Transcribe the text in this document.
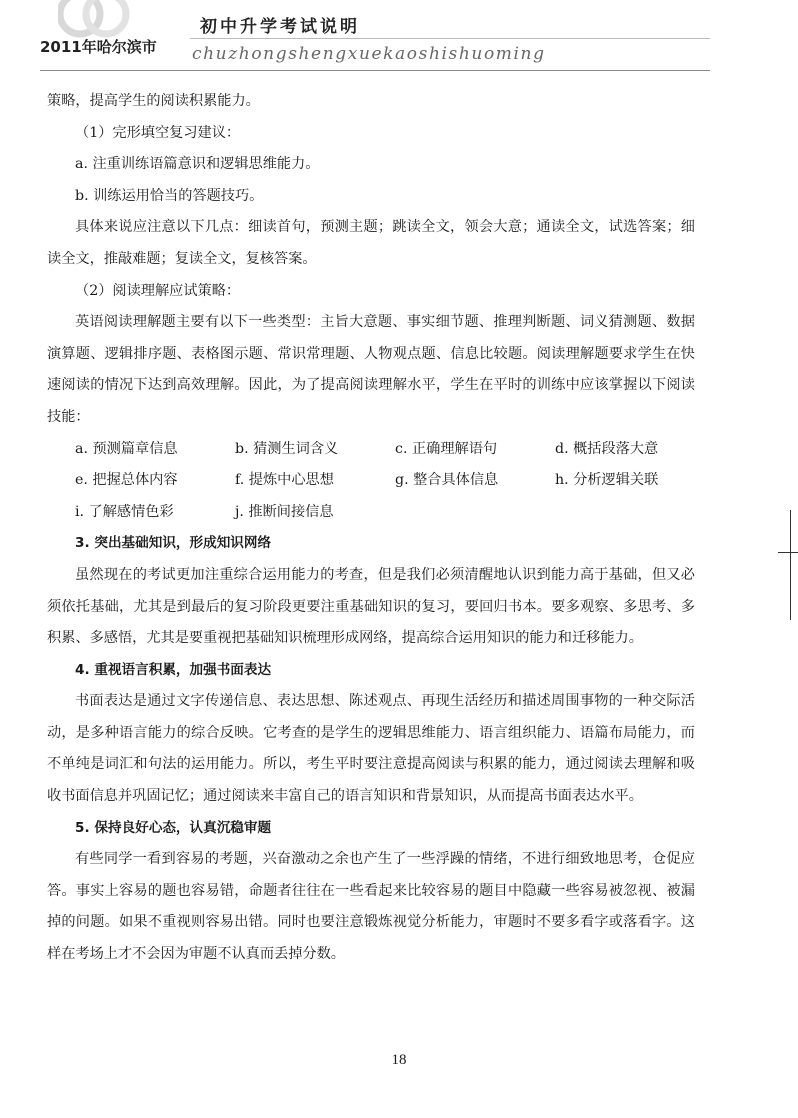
2011年哈尔滨市
初中升学考试说明
chuzhongshengxuekaoshishuoming

策略，提高学生的阅读积累能力。

（1）完形填空复习建议：

a. 注重训练语篇意识和逻辑思维能力。

b. 训练运用恰当的答题技巧。

具体来说应注意以下几点：细读首句，预测主题；跳读全文，领会大意；通读全文，试选答案；细读全文，推敲难题；复读全文，复核答案。

（2）阅读理解应试策略：

英语阅读理解题主要有以下一些类型：主旨大意题、事实细节题、推理判断题、词义猜测题、数据演算题、逻辑排序题、表格图示题、常识常理题、人物观点题、信息比较题。阅读理解题要求学生在快速阅读的情况下达到高效理解。因此，为了提高阅读理解水平，学生在平时的训练中应该掌握以下阅读技能：

a. 预测篇章信息	b. 猜测生词含义	c. 正确理解语句	d. 概括段落大意
e. 把握总体内容	f. 提炼中心思想	g. 整合具体信息	h. 分析逻辑关联
i. 了解感情色彩	j. 推断间接信息

3. 突出基础知识，形成知识网络

虽然现在的考试更加注重综合运用能力的考查，但是我们必须清醒地认识到能力高于基础，但又必须依托基础，尤其是到最后的复习阶段更要注重基础知识的复习，要回归书本。要多观察、多思考、多积累、多感悟，尤其是要重视把基础知识梳理形成网络，提高综合运用知识的能力和迁移能力。

4. 重视语言积累，加强书面表达

书面表达是通过文字传递信息、表达思想、陈述观点、再现生活经历和描述周围事物的一种交际活动，是多种语言能力的综合反映。它考查的是学生的逻辑思维能力、语言组织能力、语篇布局能力，而不单纯是词汇和句法的运用能力。所以，考生平时要注意提高阅读与积累的能力，通过阅读去理解和吸收书面信息并巩固记忆；通过阅读来丰富自己的语言知识和背景知识，从而提高书面表达水平。

5. 保持良好心态，认真沉稳审题

有些同学一看到容易的考题，兴奋激动之余也产生了一些浮躁的情绪，不进行细致地思考，仓促应答。事实上容易的题也容易错，命题者往往在一些看起来比较容易的题目中隐藏一些容易被忽视、被漏掉的问题。如果不重视则容易出错。同时也要注意锻炼视觉分析能力，审题时不要多看字或落看字。这样在考场上才不会因为审题不认真而丢掉分数。

18
